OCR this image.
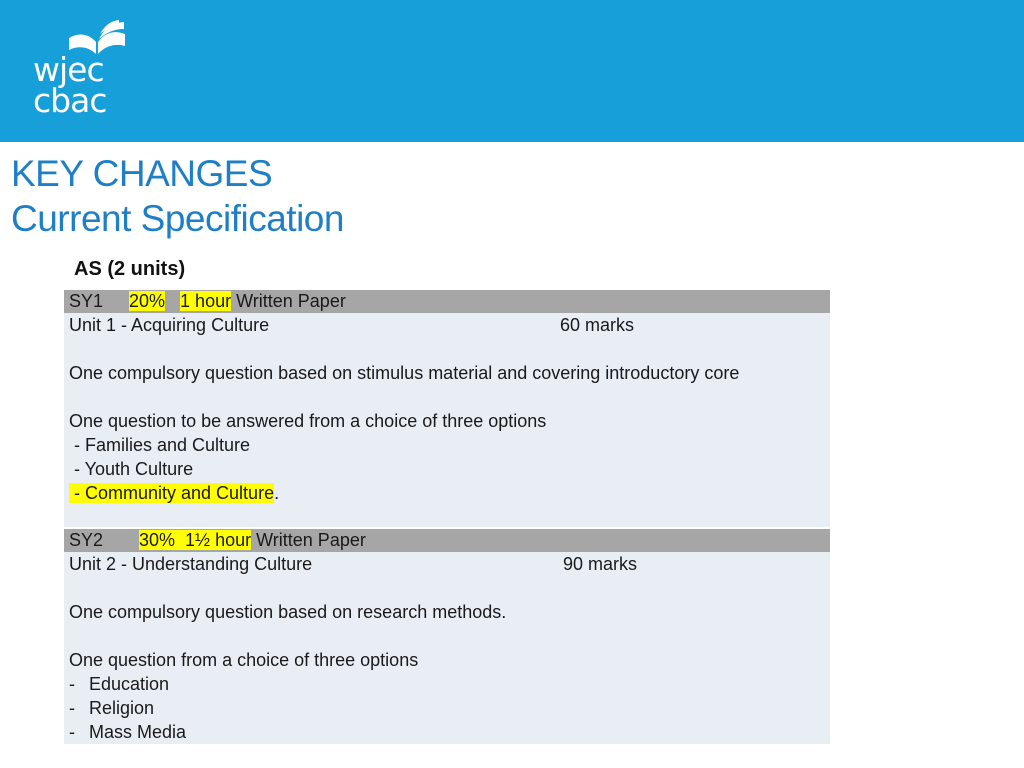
wjec
cbac
KEY CHANGES
Current Specification
AS (2 units)
SY1 20% 1 hour Written Paper
Unit 1 - Acquiring Culture	60 marks
One compulsory question based on stimulus material and covering introductory core
One question to be answered from a choice of three options
- Families and Culture
- Youth Culture
- Community and Culture.
SY2 30% 1½ hour Written Paper
Unit 2 - Understanding Culture	90 marks
One compulsory question based on research methods.
One question from a choice of three options
- Education
- Religion
- Mass Media
